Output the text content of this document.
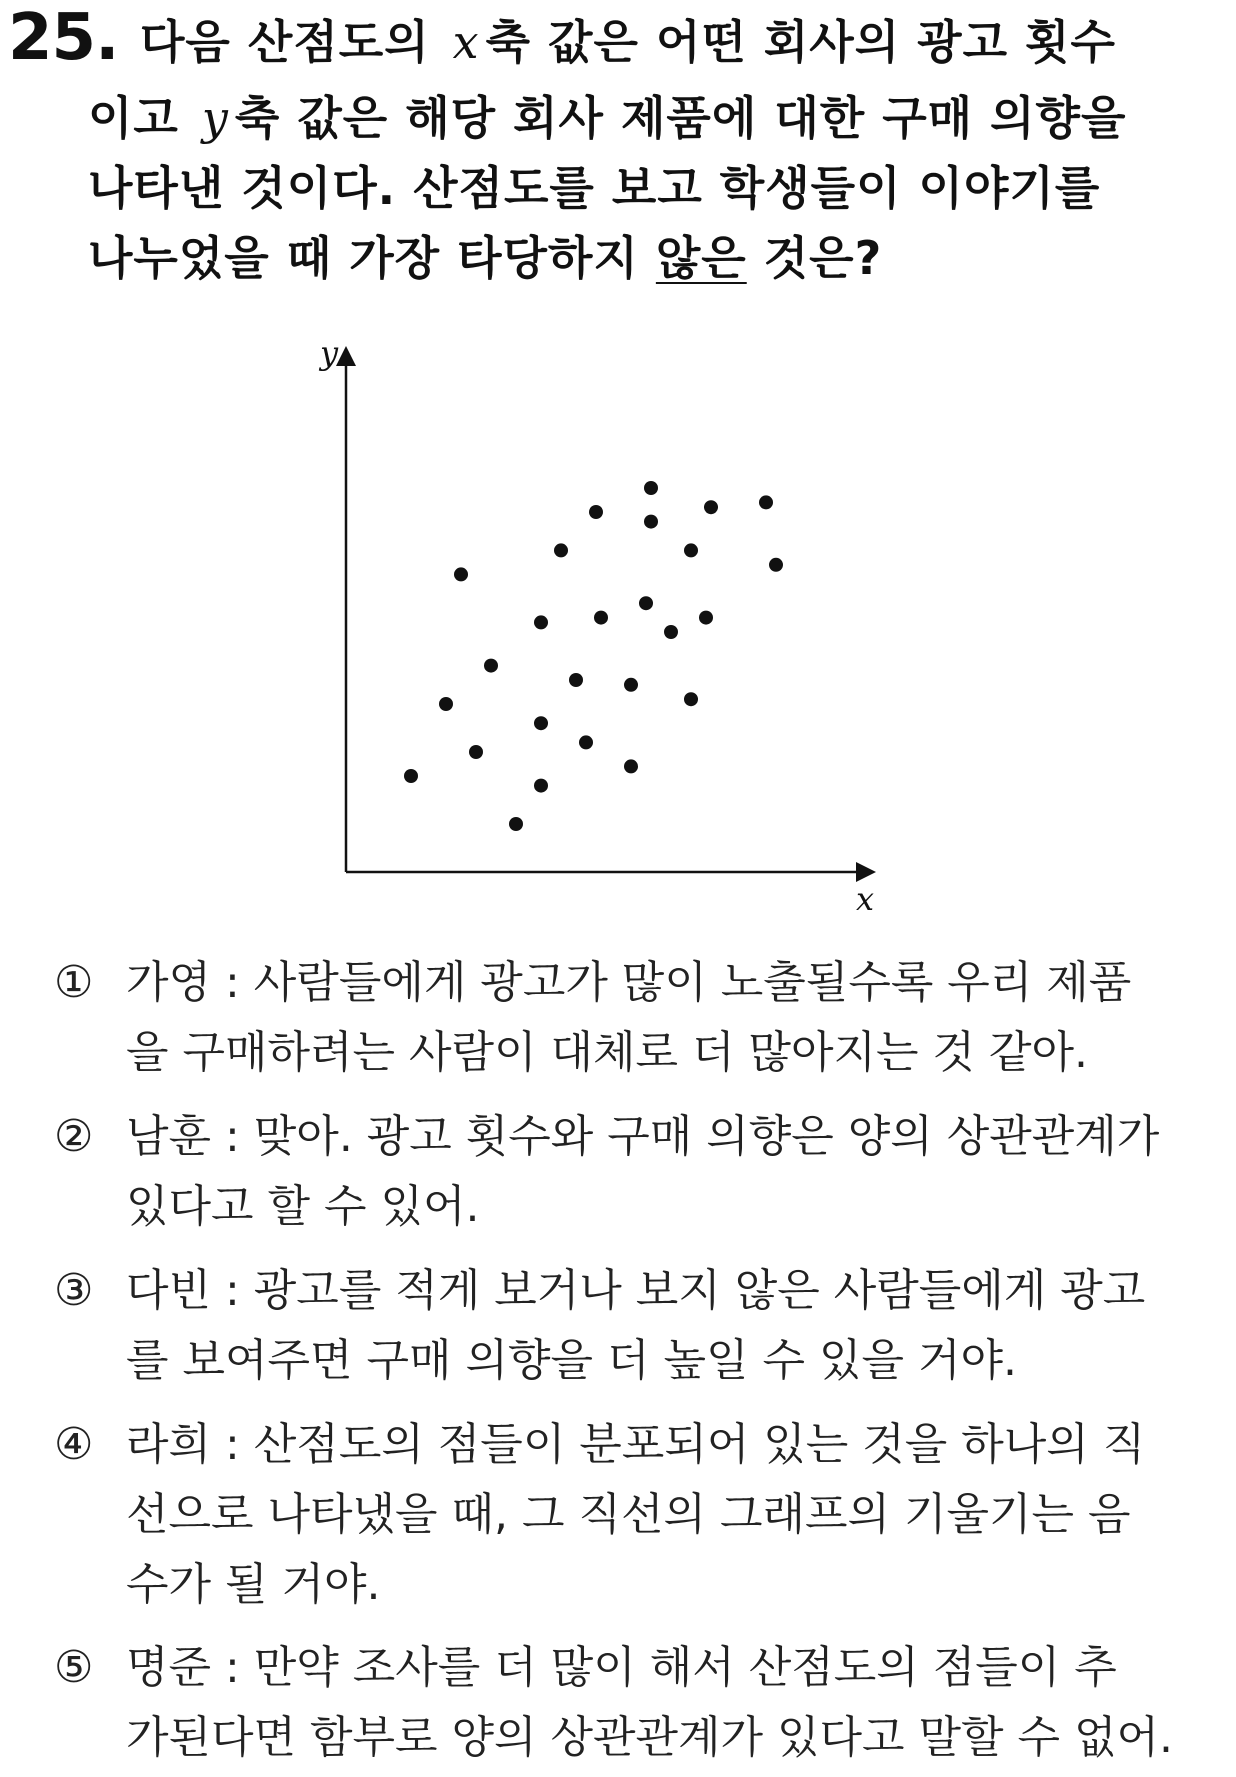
25. 다음 산점도의 x 축 값은 어떤 회사의 광고 횟수
이고 y 축 값은 해당 회사 제품에 대한 구매 의향을
나타낸 것이다. 산점도를 보고 학생들이 이야기를
나누었을 때 가장 타당하지 않은 것은?
y
x
① 가영 : 사람들에게 광고가 많이 노출될수록 우리 제품
을 구매하려는 사람이 대체로 더 많아지는 것 같아.
② 남훈 : 맞아. 광고 횟수와 구매 의향은 양의 상관관계가
있다고 할 수 있어.
③ 다빈 : 광고를 적게 보거나 보지 않은 사람들에게 광고
를 보여주면 구매 의향을 더 높일 수 있을 거야.
④ 라희 : 산점도의 점들이 분포되어 있는 것을 하나의 직
선으로 나타냈을 때, 그 직선의 그래프의 기울기는 음
수가 될 거야.
⑤ 명준 : 만약 조사를 더 많이 해서 산점도의 점들이 추
가된다면 함부로 양의 상관관계가 있다고 말할 수 없어.
